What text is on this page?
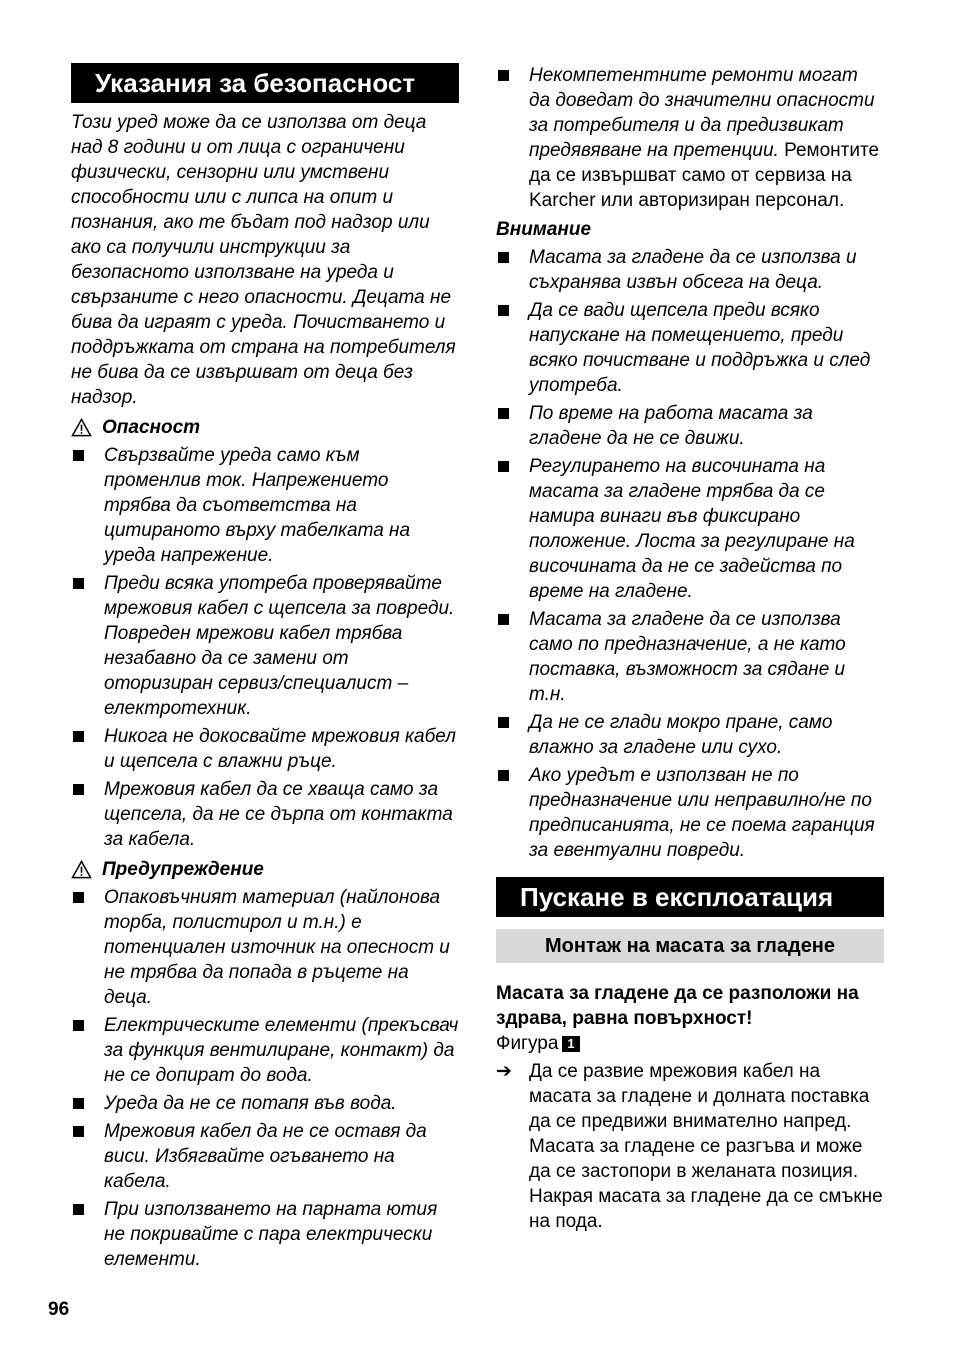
Указания за безопасност

Този уред може да се използва от деца над 8 години и от лица с ограничени физически, сензорни или умствени способности или с липса на опит и познания, ако те бъдат под надзор или ако са получили инструкции за безопасното използване на уреда и свързаните с него опасности. Децата не бива да играят с уреда. Почистването и поддръжката от страна на потребителя не бива да се извършват от деца без надзор.

Опасност
Свързвайте уреда само към променлив ток. Напрежението трябва да съответства на цитираното върху табелката на уреда напрежение.
Преди всяка употреба проверявайте мрежовия кабел с щепсела за повреди. Повреден мрежови кабел трябва незабавно да се замени от оторизиран сервиз/специалист – електротехник.
Никога не докосвайте мрежовия кабел и щепсела с влажни ръце.
Мрежовия кабел да се хваща само за щепсела, да не се дърпа от контакта за кабела.
Предупреждение
Опаковъчният материал (найлонова торба, полистирол и т.н.) е потенциален източник на опесност и не трябва да попада в ръцете на деца.
Електрическите елементи (прекъсвач за функция вентилиране, контакт) да не се допират до вода.
Уреда да не се потапя във вода.
Мрежовия кабел да не се оставя да виси. Избягвайте огъването на кабела.
При използването на парната ютия не покривайте с пара електрически елементи.
Некомпетентните ремонти могат да доведат до значителни опасности за потребителя и да предизвикат предявяване на претенции. Ремонтите да се извършват само от сервиза на Karcher или авторизиран персонал.
Внимание
Масата за гладене да се използва и съхранява извън обсега на деца.
Да се вади щепсела преди всяко напускане на помещението, преди всяко почистване и поддръжка и след употреба.
По време на работа масата за гладене да не се движи.
Регулирането на височината на масата за гладене трябва да се намира винаги във фиксирано положение. Лоста за регулиране на височината да не се задейства по време на гладене.
Масата за гладене да се използва само по предназначение, а не като поставка, възможност за сядане и т.н.
Да не се глади мокро пране, само влажно за гладене или сухо.
Ако уредът е използван не по предназначение или неправилно/не по предписанията, не се поема гаранция за евентуални повреди.
Пускане в експлоатация
Монтаж на масата за гладене

Масата за гладене да се разположи на здрава, равна повърхност!

Фигура 1

➔ Да се развие мрежовия кабел на масата за гладене и долната поставка да се предвижи внимателно напред. Масата за гладене се разгъва и може да се застопори в желаната позиция. Накрая масата за гладене да се смъкне на пода.
96
